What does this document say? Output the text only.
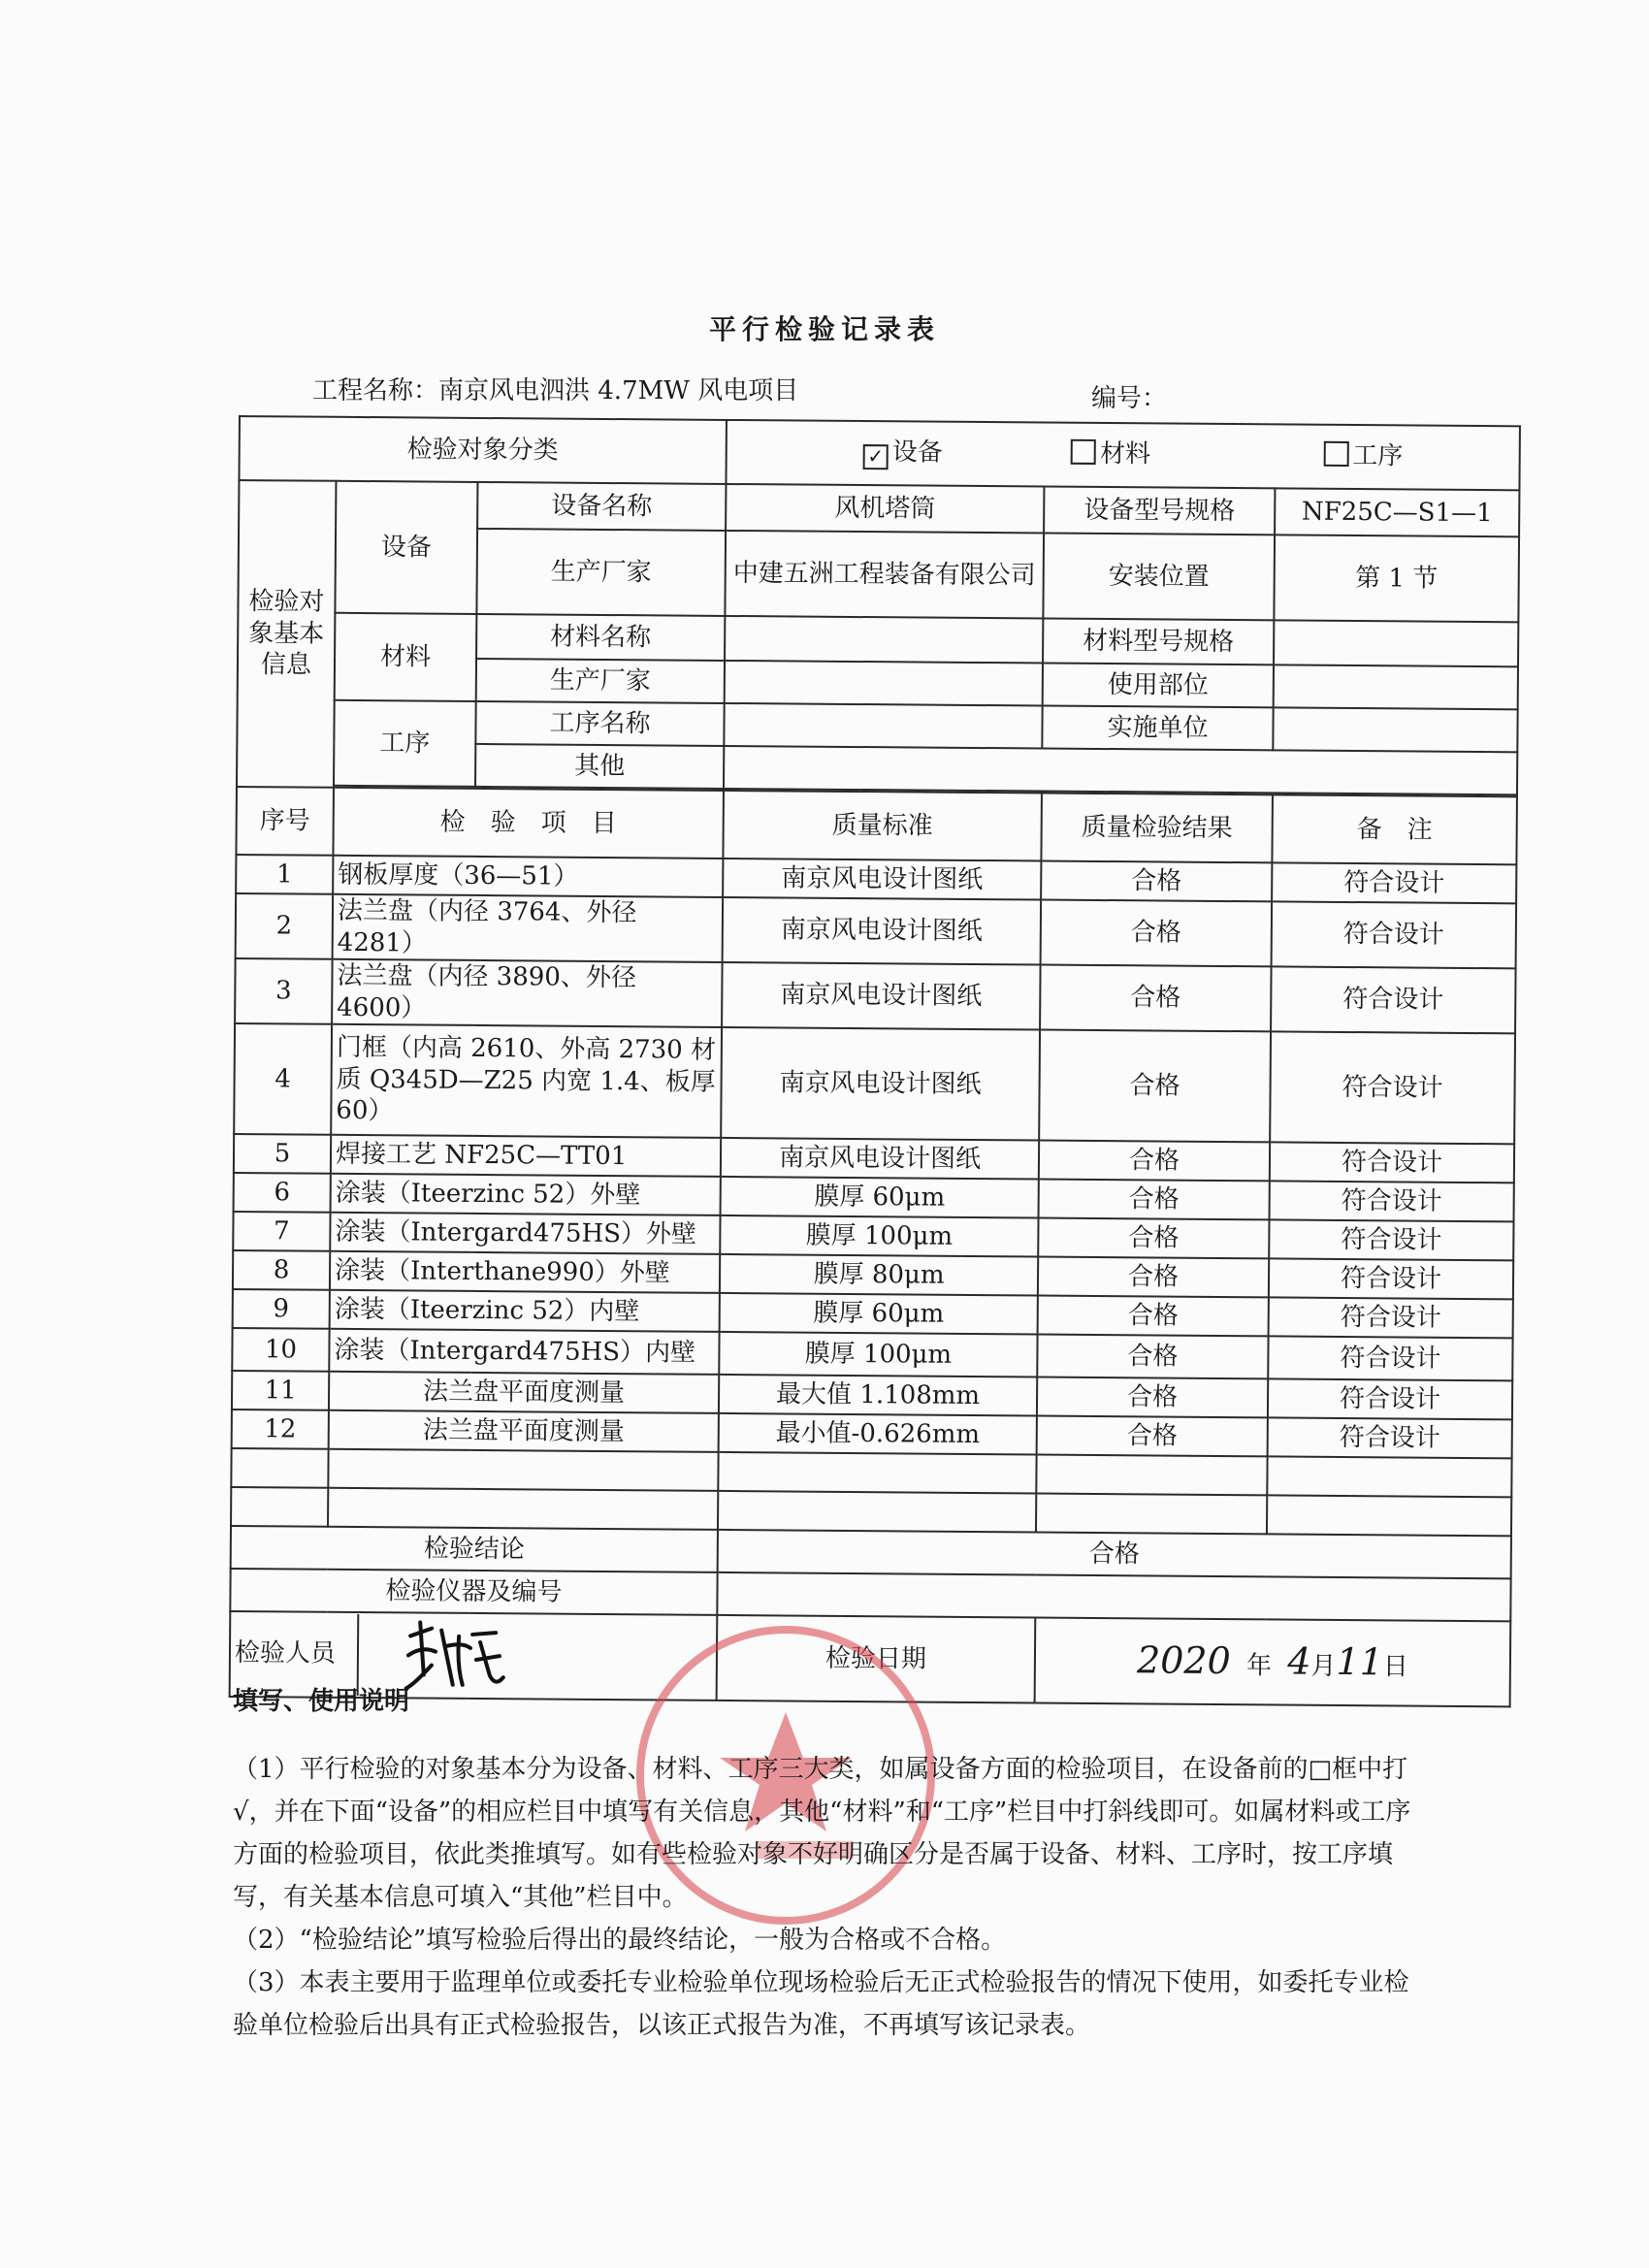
平行检验记录表
工程名称：南京风电泗洪 4.7MW 风电项目	编号：
检验对象分类			✓ 设备 材料 工序		
检验对象基本信息	设备	设备名称	风机塔筒	设备型号规格	NF25C—S1—1
		生产厂家	中建五洲工程装备有限公司	安装位置	第 1 节
	材料	材料名称		材料型号规格	
		生产厂家		使用部位	
	工序	工序名称		实施单位	
		其他			

序号	检　验　项　目		质量标准	质量检验结果	备　注
1	钢板厚度（36—51）		南京风电设计图纸	合格	符合设计
2	法兰盘（内径 3764、外径 4281）		南京风电设计图纸	合格	符合设计
3	法兰盘（内径 3890、外径 4600）		南京风电设计图纸	合格	符合设计
4	门框（内高 2610、外高 2730 材质 Q345D—Z25 内宽 1.4、板厚 60）		南京风电设计图纸	合格	符合设计
5	焊接工艺 NF25C—TT01		南京风电设计图纸	合格	符合设计
6	涂装（Iteerzinc 52）外壁		膜厚 60μm	合格	符合设计
7	涂装（Intergard475HS）外壁		膜厚 100μm	合格	符合设计
8	涂装（Interthane990）外壁		膜厚 80μm	合格	符合设计
9	涂装（Iteerzinc 52）内壁		膜厚 60μm	合格	符合设计
10	涂装（Intergard475HS）内壁		膜厚 100μm	合格	符合设计
11	法兰盘平面度测量		最大值 1.108mm	合格	符合设计
12	法兰盘平面度测量		最小值-0.626mm	合格	符合设计

检验结论			合格		
检验仪器及编号					
检验人员			检验日期	2020 年 4月11日	
填写、使用说明

（1）平行检验的对象基本分为设备、材料、工序三大类，如属设备方面的检验项目，在设备前的□框中打√，并在下面“设备”的相应栏目中填写有关信息，其他“材料”和“工序”栏目中打斜线即可。如属材料或工序方面的检验项目，依此类推填写。如有些检验对象不好明确区分是否属于设备、材料、工序时，按工序填写，有关基本信息可填入“其他”栏目中。

（2）“检验结论”填写检验后得出的最终结论，一般为合格或不合格。

（3）本表主要用于监理单位或委托专业检验单位现场检验后无正式检验报告的情况下使用，如委托专业检验单位检验后出具有正式检验报告，以该正式报告为准，不再填写该记录表。
